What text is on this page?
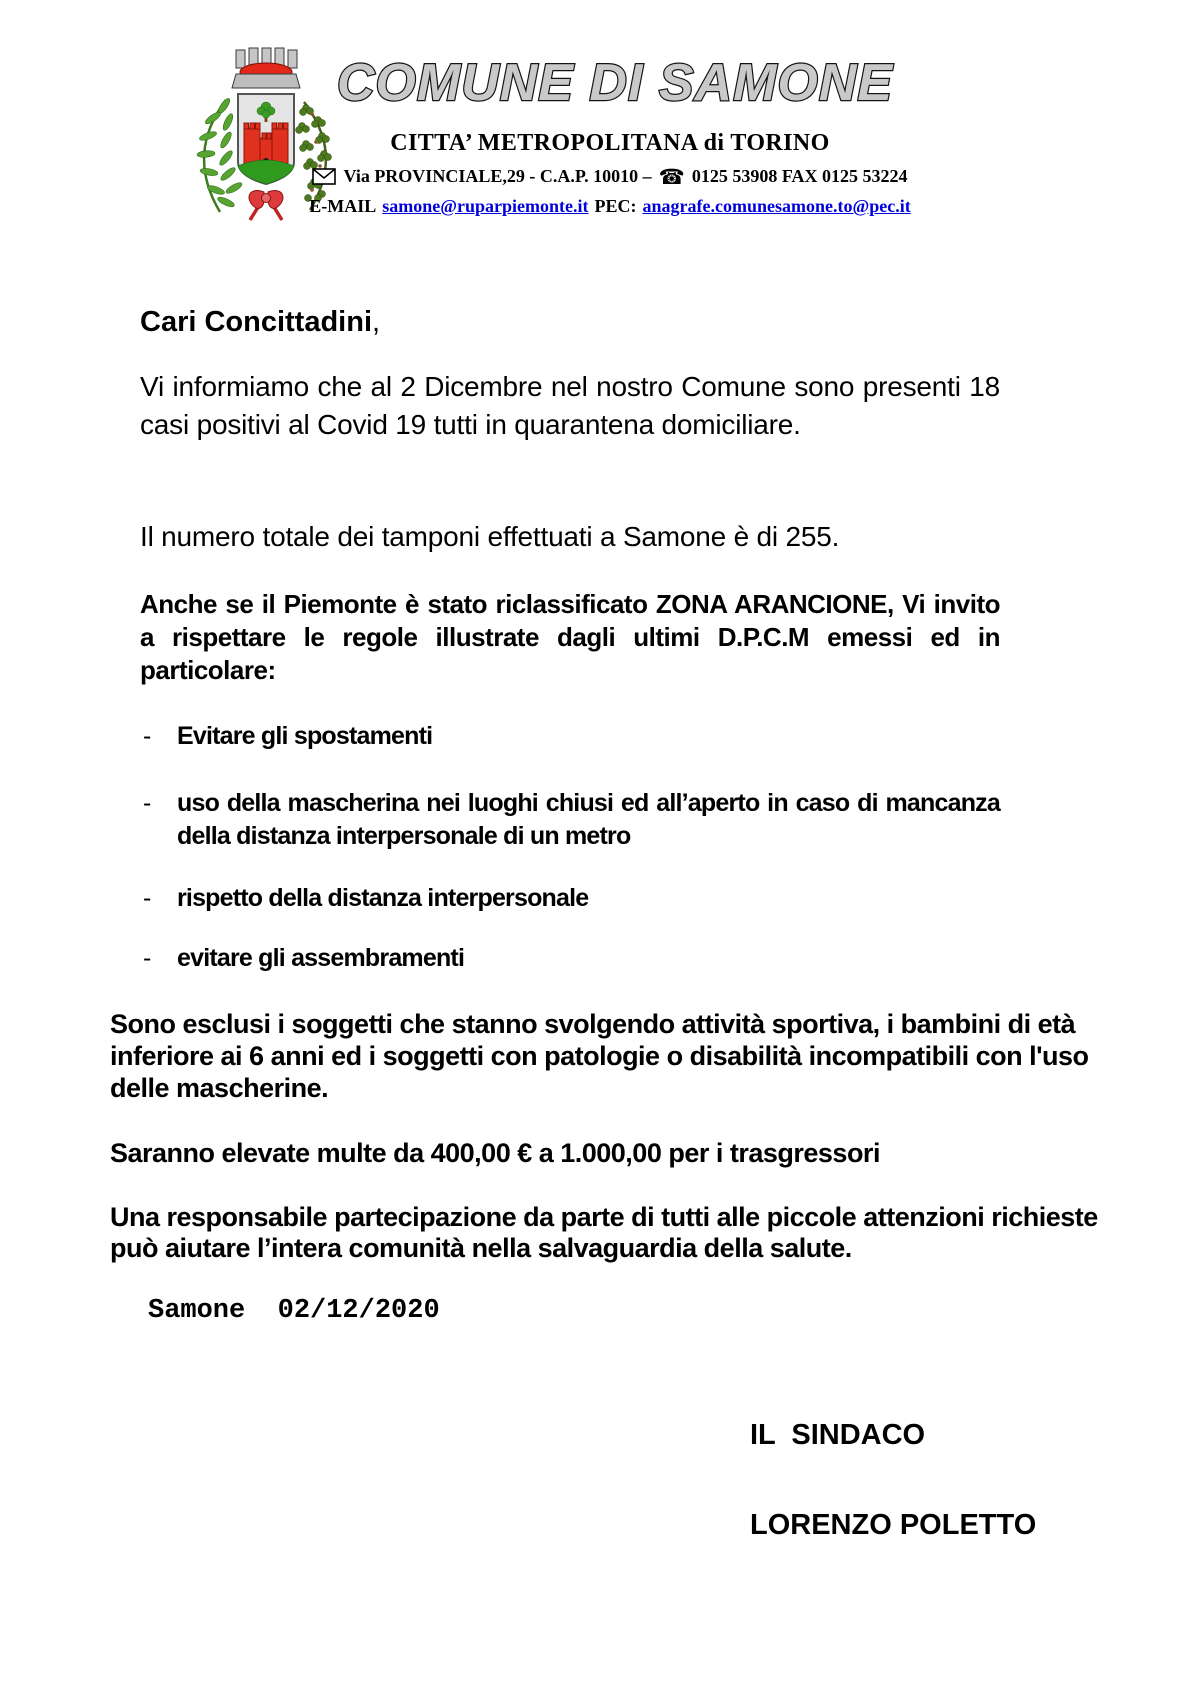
COMUNE DI SAMONE
CITTA’ METROPOLITANA di TORINO
Via PROVINCIALE,29 - C.A.P. 10010 – ☎ 0125 53908 FAX 0125 53224
E-MAIL samone@ruparpiemonte.it PEC: anagrafe.comunesamone.to@pec.it

Cari Concittadini,

Vi informiamo che al 2 Dicembre nel nostro Comune sono presenti 18 casi positivi al Covid 19 tutti in quarantena domiciliare.

Il numero totale dei tamponi effettuati a Samone è di 255.

Anche se il Piemonte è stato riclassificato ZONA ARANCIONE, Vi invito a rispettare le regole illustrate dagli ultimi D.P.C.M emessi ed in particolare:

-	Evitare gli spostamenti
-	uso della mascherina nei luoghi chiusi ed all’aperto in caso di mancanza della distanza interpersonale di un metro
-	rispetto della distanza interpersonale
-	evitare gli assembramenti

Sono esclusi i soggetti che stanno svolgendo attività sportiva, i bambini di età inferiore ai 6 anni ed i soggetti con patologie o disabilità incompatibili con l'uso delle mascherine.

Saranno elevate multe da 400,00 € a 1.000,00 per i trasgressori

Una responsabile partecipazione da parte di tutti alle piccole attenzioni richieste può aiutare l’intera comunità nella salvaguardia della salute.

Samone  02/12/2020

IL  SINDACO

LORENZO POLETTO
